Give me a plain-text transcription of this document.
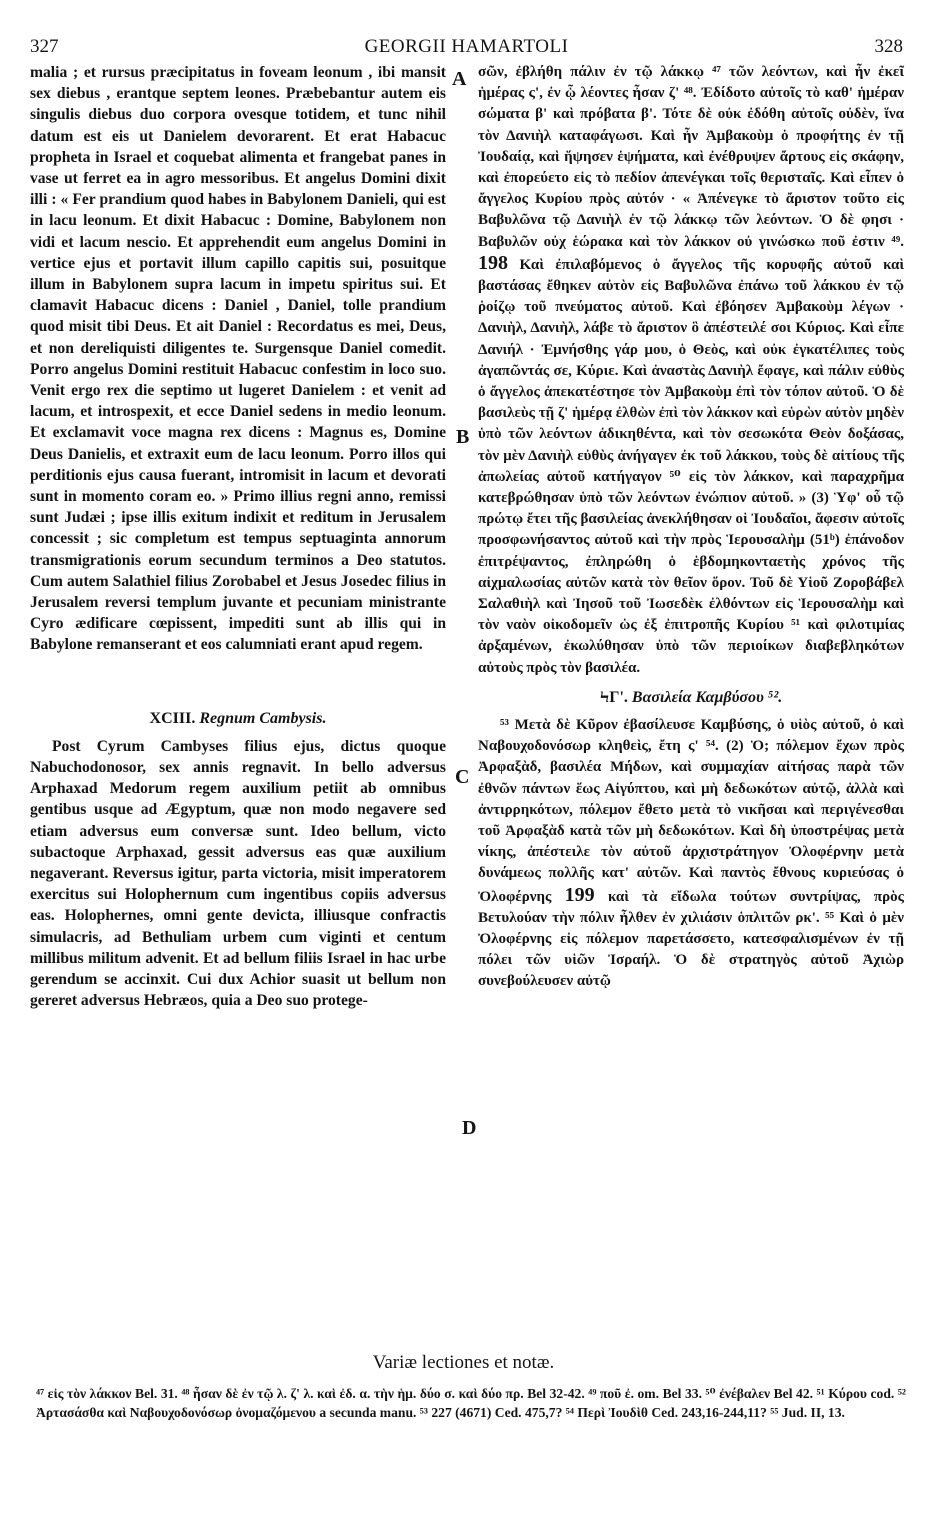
327	GEORGII HAMARTOLI	328

malia ; et rursus præcipitatus in foveam leonum , ibi mansit sex diebus , erantque septem leones. Præbebantur autem eis singulis diebus duo corpora ovesque totidem, et tunc nihil datum est eis ut Danielem devorarent. Et erat Habacuc propheta in Israel et coquebat alimenta et frangebat panes in vase ut ferret ea in agro messoribus. Et angelus Domini dixit illi : « Fer prandium quod habes in Babylonem Danieli, qui est in lacu leonum. Et dixit Habacuc : Domine, Babylonem non vidi et lacum nescio. Et apprehendit eum angelus Domini in vertice ejus et portavit illum capillo capitis sui, posuitque illum in Babylonem supra lacum in impetu spiritus sui. Et clamavit Habacuc dicens : Daniel , Daniel, tolle prandium quod misit tibi Deus. Et ait Daniel : Recordatus es mei, Deus, et non dereliquisti diligentes te. Surgensque Daniel comedit. Porro angelus Domini restituit Habacuc confestim in loco suo. Venit ergo rex die septimo ut lugeret Danielem : et venit ad lacum, et introspexit, et ecce Daniel sedens in medio leonum. Et exclamavit voce magna rex dicens : Magnus es, Domine Deus Danielis, et extraxit eum de lacu leonum. Porro illos qui perditionis ejus causa fuerant, intromisit in lacum et devorati sunt in momento coram eo. » Primo illius regni anno, remissi sunt Judæi ; ipse illis exitum indixit et reditum in Jerusalem concessit ; sic completum est tempus septuaginta annorum transmigrationis eorum secundum terminos a Deo statutos. Cum autem Salathiel filius Zorobabel et Jesus Josedec filius in Jerusalem reversi templum juvante et pecuniam ministrante Cyro ædificare cœpissent, impediti sunt ab illis qui in Babylone remanserant et eos calumniati erant apud regem.

XCIII. Regnum Cambysis.

Post Cyrum Cambyses filius ejus, dictus quoque Nabuchodonosor, sex annis regnavit. In bello adversus Arphaxad Medorum regem auxilium petiit ab omnibus gentibus usque ad Ægyptum, quæ non modo negavere sed etiam adversus eum conversæ sunt. Ideo bellum, victo subactoque Arphaxad, gessit adversus eas quæ auxilium negaverant. Reversus igitur, parta victoria, misit imperatorem exercitus sui Holophernum cum ingentibus copiis adversus eas. Holophernes, omni gente devicta, illiusque confractis simulacris, ad Bethuliam urbem cum viginti et centum millibus militum advenit. Et ad bellum filiis Israel in hac urbe gerendum se accinxit. Cui dux Achior suasit ut bellum non gereret adversus Hebræos, quia a Deo suo protege-

σῶν, ἐβλήθη πάλιν ἐν τῷ λάκκῳ ⁴⁷ τῶν λεόντων, καὶ ἦν ἐκεῖ ἡμέρας ς', ἐν ᾧ λέοντες ἦσαν ζ' ⁴⁸. Ἐδίδοτο αὐτοῖς τὸ καθ' ἡμέραν σώματα β' καὶ πρόβατα β'. Τότε δὲ οὐκ ἐδόθη αὐτοῖς οὐδὲν, ἵνα τὸν Δανιὴλ καταφάγωσι. Καὶ ἦν Ἀμβακοὺμ ὁ προφήτης ἐν τῇ Ἰουδαίᾳ, καὶ ἥψησεν ἑψήματα, καὶ ἐνέθρυψεν ἄρτους εἰς σκάφην, καὶ ἐπορεύετο εἰς τὸ πεδίον ἀπενέγκαι τοῖς θερισταῖς. Καὶ εἶπεν ὁ ἄγγελος Κυρίου πρὸς αὐτόν · « Ἀπένεγκε τὸ ἄριστον τοῦτο εἰς Βαβυλῶνα τῷ Δανιὴλ ἐν τῷ λάκκῳ τῶν λεόντων. Ὁ δὲ φησι · Βαβυλῶν οὐχ ἑώρακα καὶ τὸν λάκκον οὐ γινώσκω ποῦ ἐστιν ⁴⁹. 198 Καὶ ἐπιλαβόμενος ὁ ἄγγελος τῆς κορυφῆς αὐτοῦ καὶ βαστάσας ἔθηκεν αὐτὸν εἰς Βαβυλῶνα ἐπάνω τοῦ λάκκου ἐν τῷ ῥοίζῳ τοῦ πνεύματος αὐτοῦ. Καὶ ἐβόησεν Ἀμβακοὺμ λέγων · Δανιὴλ, Δανιὴλ, λάβε τὸ ἄριστον ὃ ἀπέστειλέ σοι Κύριος. Καὶ εἶπε Δανιήλ · Ἐμνήσθης γάρ μου, ὁ Θεὸς, καὶ οὐκ ἐγκατέλιπες τοὺς ἀγαπῶντάς σε, Κύριε. Καὶ ἀναστὰς Δανιὴλ ἔφαγε, καὶ πάλιν εὐθὺς ὁ ἄγγελος ἀπεκατέστησε τὸν Ἀμβακοὺμ ἐπὶ τὸν τόπον αὐτοῦ. Ὁ δὲ βασιλεὺς τῇ ζ' ἡμέρᾳ ἐλθὼν ἐπὶ τὸν λάκκον καὶ εὑρὼν αὐτὸν μηδὲν ὑπὸ τῶν λεόντων ἀδικηθέντα, καὶ τὸν σεσωκότα Θεὸν δοξάσας, τὸν μὲν Δανιὴλ εὐθὺς ἀνήγαγεν ἐκ τοῦ λάκκου, τοὺς δὲ αἰτίους τῆς ἀπωλείας αὐτοῦ κατήγαγον ⁵⁰ εἰς τὸν λάκκον, καὶ παραχρῆμα κατεβρώθησαν ὑπὸ τῶν λεόντων ἐνώπιον αὐτοῦ. » (3) Ὑφ' οὗ τῷ πρώτῳ ἔτει τῆς βασιλείας ἀνεκλήθησαν οἱ Ἰουδαῖοι, ἄφεσιν αὐτοῖς προσφωνήσαντος αὐτοῦ καὶ τὴν πρὸς Ἱερουσαλὴμ (51ᵇ) ἐπάνοδον ἐπιτρέψαντος, ἐπληρώθη ὁ ἑβδομηκονταετὴς χρόνος τῆς αἰχμαλωσίας αὐτῶν κατὰ τὸν θεῖον ὅρον. Τοῦ δὲ Υἱοῦ Ζοροβάβελ Σαλαθιὴλ καὶ Ἰησοῦ τοῦ Ἰωσεδὲκ ἐλθόντων εἰς Ἱερουσαλὴμ καὶ τὸν ναὸν οἰκοδομεῖν ὡς ἐξ ἐπιτροπῆς Κυρίου ⁵¹ καὶ φιλοτιμίας ἀρξαμένων, ἐκωλύθησαν ὑπὸ τῶν περιοίκων διαβεβληκότων αὐτοὺς πρὸς τὸν βασιλέα.

ϞΓ'. Βασιλεία Καμβύσου ⁵².

⁵³ Μετὰ δὲ Κῦρον ἐβασίλευσε Καμβύσης, ὁ υἱὸς αὐτοῦ, ὁ καὶ Ναβουχοδονόσωρ κληθεὶς, ἔτη ς' ⁵⁴. (2) Ὁ; πόλεμον ἔχων πρὸς Ἀρφαξὰδ, βασιλέα Μήδων, καὶ συμμαχίαν αἰτήσας παρὰ τῶν ἐθνῶν πάντων ἕως Αἰγύπτου, καὶ μὴ δεδωκότων αὐτῷ, ἀλλὰ καὶ ἀντιρρηκότων, πόλεμον ἔθετο μετὰ τὸ νικῆσαι καὶ περιγένεσθαι τοῦ Ἀρφαξὰδ κατὰ τῶν μὴ δεδωκότων. Καὶ δὴ ὑποστρέψας μετὰ νίκης, ἀπέστειλε τὸν αὐτοῦ ἀρχιστράτηγον Ὀλοφέρνην μετὰ δυνάμεως πολλῆς κατ' αὐτῶν. Καὶ παντὸς ἔθνους κυριεύσας ὁ Ὀλοφέρνης 199 καὶ τὰ εἴδωλα τούτων συντρίψας, πρὸς Βετυλούαν τὴν πόλιν ἦλθεν ἐν χιλιάσιν ὁπλιτῶν ρκ'. ⁵⁵ Καὶ ὁ μὲν Ὀλοφέρνης εἰς πόλεμον παρετάσσετο, κατεσφαλισμένων ἐν τῇ πόλει τῶν υἱῶν Ἰσραήλ. Ὁ δὲ στρατηγὸς αὐτοῦ Ἀχιὼρ συνεβούλευσεν αὐτῷ

A
B
C
D
Variæ lectiones et notæ.
⁴⁷ εἰς τὸν λάκκον Bel. 31. ⁴⁸ ἦσαν δὲ ἐν τῷ λ. ζ' λ. καὶ ἐδ. α. τὴν ἡμ. δύο σ. καὶ δύο πρ. Bel 32-42. ⁴⁹ ποῦ ἐ. om. Bel 33. ⁵⁰ ἐνέβαλεν Bel 42. ⁵¹ Κύρου cod. ⁵² Ἀρτασάσθα καὶ Ναβουχοδονόσωρ ὀνομαζόμενου a secunda manu. ⁵³ 227 (4671) Ced. 475,7? ⁵⁴ Περὶ Ἰουδὶθ Ced. 243,16-244,11? ⁵⁵ Jud. II, 13.
